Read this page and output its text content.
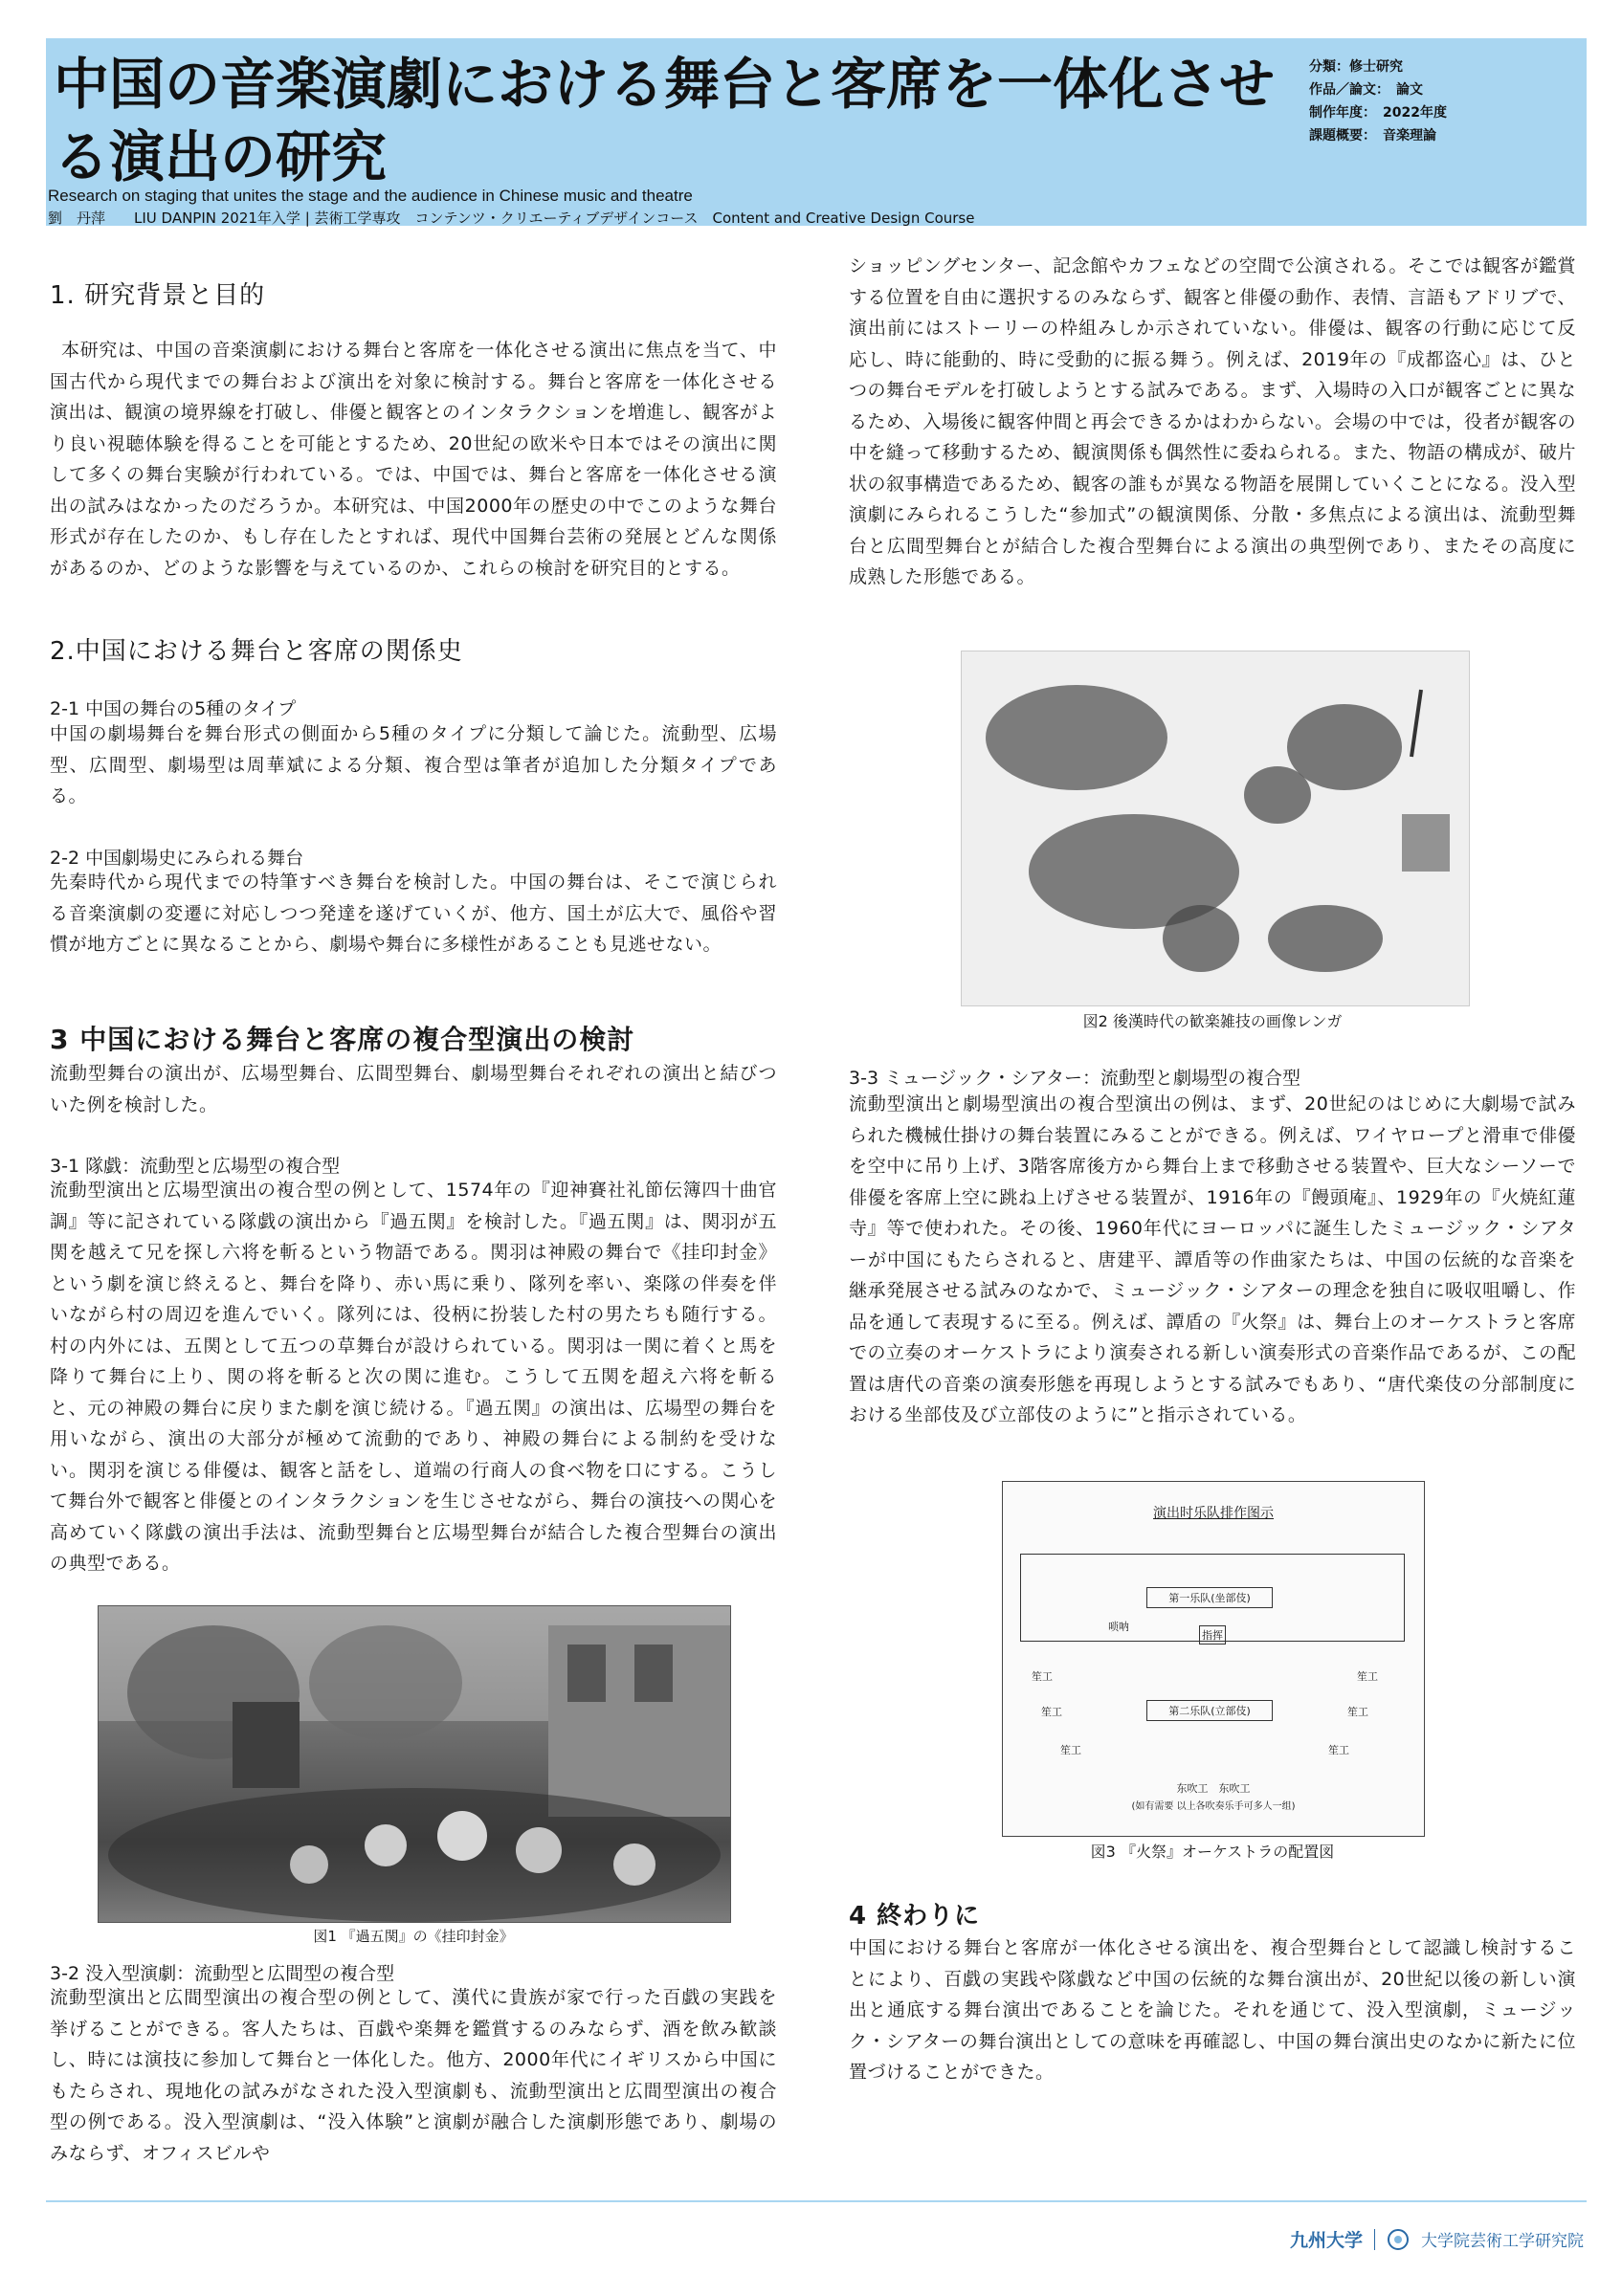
中国の音楽演劇における舞台と客席を一体化させる演出の研究
Research on staging that unites the stage and the audience in Chinese music and theatre
劉　丹萍　　LIU DANPIN 2021年入学 | 芸術工学専攻　コンテンツ・クリエーティブデザインコース　Content and Creative Design Course
分類：修士研究
作品／論文：　論文
制作年度：　2022年度
課題概要：　音楽理論
1. 研究背景と目的

本研究は、中国の音楽演劇における舞台と客席を一体化させる演出に焦点を当て、中国古代から現代までの舞台および演出を対象に検討する。舞台と客席を一体化させる演出は、観演の境界線を打破し、俳優と観客とのインタラクションを増進し、観客がより良い視聴体験を得ることを可能とするため、20世紀の欧米や日本ではその演出に関して多くの舞台実験が行われている。では、中国では、舞台と客席を一体化させる演出の試みはなかったのだろうか。本研究は、中国2000年の歴史の中でこのような舞台形式が存在したのか、もし存在したとすれば、現代中国舞台芸術の発展とどんな関係があるのか、どのような影響を与えているのか、これらの検討を研究目的とする。

2.中国における舞台と客席の関係史
2-1 中国の舞台の5種のタイプ

中国の劇場舞台を舞台形式の側面から5種のタイプに分類して論じた。流動型、広場型、広間型、劇場型は周華斌による分類、複合型は筆者が追加した分類タイプである。

2-2 中国劇場史にみられる舞台

先秦時代から現代までの特筆すべき舞台を検討した。中国の舞台は、そこで演じられる音楽演劇の変遷に対応しつつ発達を遂げていくが、他方、国土が広大で、風俗や習慣が地方ごとに異なることから、劇場や舞台に多様性があることも見逃せない。

3 中国における舞台と客席の複合型演出の検討

流動型舞台の演出が、広場型舞台、広間型舞台、劇場型舞台それぞれの演出と結びついた例を検討した。

3-1 隊戯：流動型と広場型の複合型

流動型演出と広場型演出の複合型の例として、1574年の『迎神賽社礼節伝簿四十曲官調』等に記されている隊戯の演出から『過五関』を検討した。『過五関』は、関羽が五関を越えて兄を探し六将を斬るという物語である。関羽は神殿の舞台で《挂印封金》という劇を演じ終えると、舞台を降り、赤い馬に乗り、隊列を率い、楽隊の伴奏を伴いながら村の周辺を進んでいく。隊列には、役柄に扮装した村の男たちも随行する。村の内外には、五関として五つの草舞台が設けられている。関羽は一関に着くと馬を降りて舞台に上り、関の将を斬ると次の関に進む。こうして五関を超え六将を斬ると、元の神殿の舞台に戻りまた劇を演じ続ける。『過五関』の演出は、広場型の舞台を用いながら、演出の大部分が極めて流動的であり、神殿の舞台による制約を受けない。関羽を演じる俳優は、観客と話をし、道端の行商人の食べ物を口にする。こうして舞台外で観客と俳優とのインタラクションを生じさせながら、舞台の演技への関心を高めていく隊戯の演出手法は、流動型舞台と広場型舞台が結合した複合型舞台の演出の典型である。

図1 『過五関』の《挂印封金》
3-2 没入型演劇：流動型と広間型の複合型

流動型演出と広間型演出の複合型の例として、漢代に貴族が家で行った百戯の実践を挙げることができる。客人たちは、百戯や楽舞を鑑賞するのみならず、酒を飲み歓談し、時には演技に参加して舞台と一体化した。他方、2000年代にイギリスから中国にもたらされ、現地化の試みがなされた没入型演劇も、流動型演出と広間型演出の複合型の例である。没入型演劇は、“没入体験”と演劇が融合した演劇形態であり、劇場のみならず、オフィスビルや

ショッピングセンター、記念館やカフェなどの空間で公演される。そこでは観客が鑑賞する位置を自由に選択するのみならず、観客と俳優の動作、表情、言語もアドリブで、演出前にはストーリーの枠組みしか示されていない。俳優は、観客の行動に応じて反応し、時に能動的、時に受動的に振る舞う。例えば、2019年の『成都盗心』は、ひとつの舞台モデルを打破しようとする試みである。まず、入場時の入口が観客ごとに異なるため、入場後に観客仲間と再会できるかはわからない。会場の中では，役者が観客の中を縫って移動するため、観演関係も偶然性に委ねられる。また、物語の構成が、破片状の叙事構造であるため、観客の誰もが異なる物語を展開していくことになる。没入型演劇にみられるこうした“参加式”の観演関係、分散・多焦点による演出は、流動型舞台と広間型舞台とが結合した複合型舞台による演出の典型例であり、またその高度に成熟した形態である。

図2 後漢時代の歓楽雑技の画像レンガ
3-3 ミュージック・シアター：流動型と劇場型の複合型

流動型演出と劇場型演出の複合型演出の例は、まず、20世紀のはじめに大劇場で試みられた機械仕掛けの舞台装置にみることができる。例えば、ワイヤロープと滑車で俳優を空中に吊り上げ、3階客席後方から舞台上まで移動させる装置や、巨大なシーソーで俳優を客席上空に跳ね上げさせる装置が、1916年の『饅頭庵』、1929年の『火焼紅蓮寺』等で使われた。その後、1960年代にヨーロッパに誕生したミュージック・シアターが中国にもたらされると、唐建平、譚盾等の作曲家たちは、中国の伝統的な音楽を継承発展させる試みのなかで、ミュージック・シアターの理念を独自に吸収咀嚼し、作品を通して表現するに至る。例えば、譚盾の『火祭』は、舞台上のオーケストラと客席での立奏のオーケストラにより演奏される新しい演奏形式の音楽作品であるが、この配置は唐代の音楽の演奏形態を再現しようとする試みでもあり、“唐代楽伎の分部制度における坐部伎及び立部伎のように”と指示されている。

演出时乐队排作图示
第一乐队(坐部伎)
指挥
唢呐
第二乐队(立部伎)
笙工	笙工
笙工	笙工
笙工	笙工
东吹工　东吹工
(如有需要 以上各吹奏乐手可多人一组)
図3 『火祭』オーケストラの配置図
4 終わりに

中国における舞台と客席が一体化させる演出を、複合型舞台として認識し検討することにより、百戯の実践や隊戯など中国の伝統的な舞台演出が、20世紀以後の新しい演出と通底する舞台演出であることを論じた。それを通じて、没入型演劇，ミュージック・シアターの舞台演出としての意味を再確認し、中国の舞台演出史のなかに新たに位置づけることができた。

九州大学	大学院芸術工学研究院
